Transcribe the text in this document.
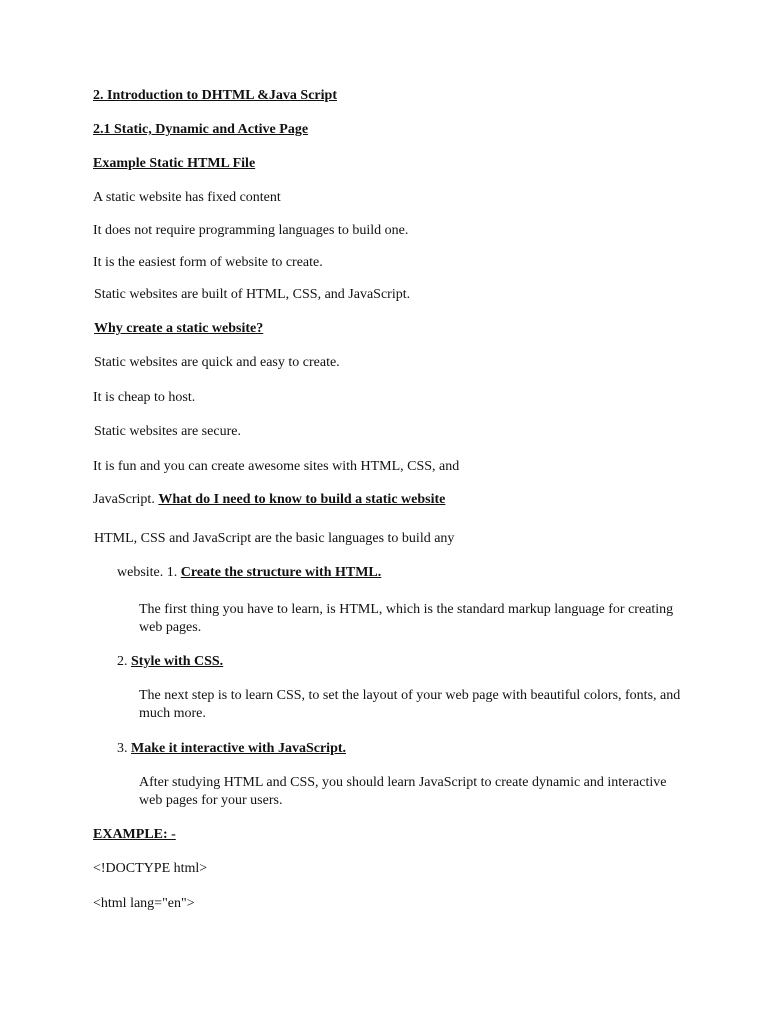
2. Introduction to DHTML &Java Script
2.1 Static, Dynamic and Active Page
Example Static HTML File
A static website has fixed content
It does not require programming languages to build one.
It is the easiest form of website to create.
Static websites are built of HTML, CSS, and JavaScript.
Why create a static website?
Static websites are quick and easy to create.
It is cheap to host.
Static websites are secure.
It is fun and you can create awesome sites with HTML, CSS, and
JavaScript. What do I need to know to build a static website
HTML, CSS and JavaScript are the basic languages to build any
website. 1. Create the structure with HTML.
The first thing you have to learn, is HTML, which is the standard markup language for creating web pages.
2. Style with CSS.
The next step is to learn CSS, to set the layout of your web page with beautiful colors, fonts, and much more.
3. Make it interactive with JavaScript.
After studying HTML and CSS, you should learn JavaScript to create dynamic and interactive web pages for your users.
EXAMPLE: -
<!DOCTYPE html>
<html lang="en">
